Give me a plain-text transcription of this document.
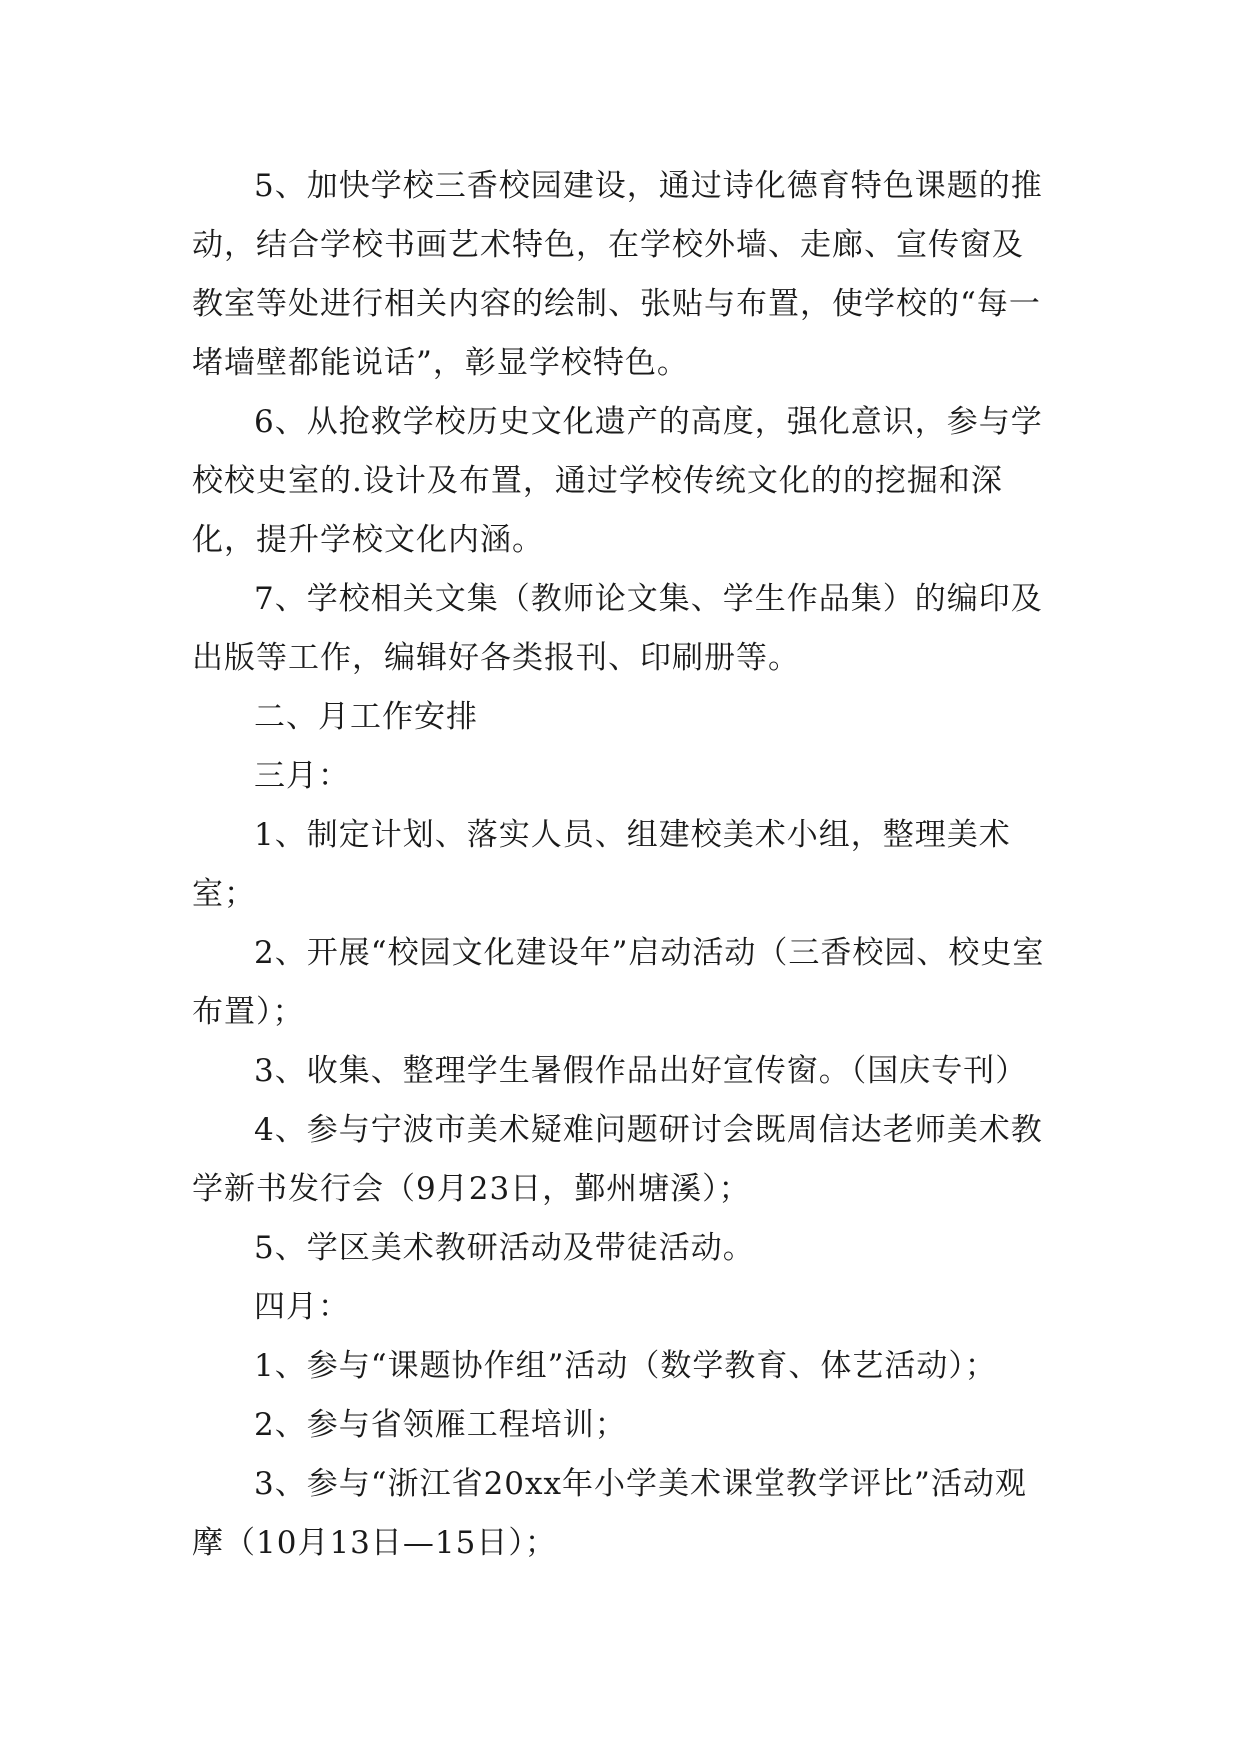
5、加快学校三香校园建设，通过诗化德育特色课题的推动，结合学校书画艺术特色，在学校外墙、走廊、宣传窗及教室等处进行相关内容的绘制、张贴与布置，使学校的“每一堵墙壁都能说话”，彰显学校特色。

6、从抢救学校历史文化遗产的高度，强化意识，参与学校校史室的.设计及布置，通过学校传统文化的的挖掘和深化，提升学校文化内涵。

7、学校相关文集（教师论文集、学生作品集）的编印及出版等工作，编辑好各类报刊、印刷册等。

二、月工作安排

三月：

1、制定计划、落实人员、组建校美术小组，整理美术室；

2、开展“校园文化建设年”启动活动（三香校园、校史室布置）；

3、收集、整理学生暑假作品出好宣传窗。（国庆专刊）

4、参与宁波市美术疑难问题研讨会既周信达老师美术教学新书发行会（9月23日，鄞州塘溪）；

5、学区美术教研活动及带徒活动。

四月：

1、参与“课题协作组”活动（数学教育、体艺活动）；

2、参与省领雁工程培训；

3、参与“浙江省20xx年小学美术课堂教学评比”活动观摩（10月13日—15日）；
